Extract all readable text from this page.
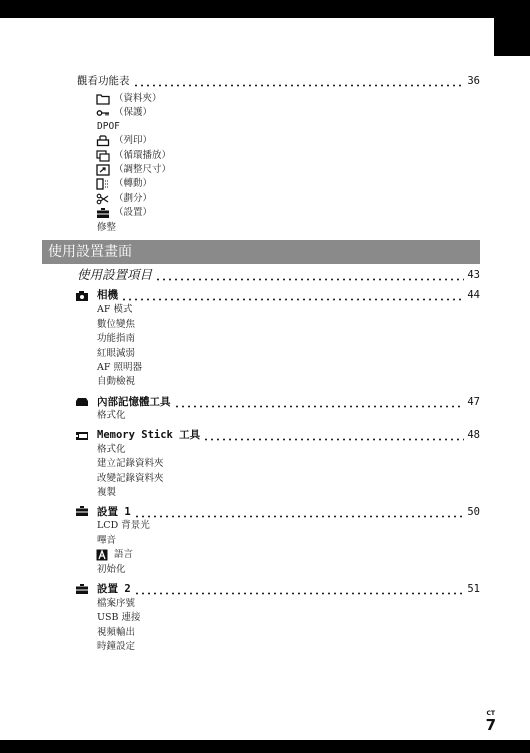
觀看功能表	36
（資料夾）
（保護）
DPOF
（列印）
（循環播放）
（調整尺寸）
（轉動）
（劃分）
（設置）
修整
使用設置畫面
使用設置項目	43
相機	44
AF 模式
數位變焦
功能指南
紅眼減弱
AF 照明器
自動檢視
內部記憶體工具	47
格式化
Memory Stick 工具	48
格式化
建立記錄資料夾
改變記錄資料夾
複製
設置 1	50
LCD 背景光
嗶音
語言
初始化
設置 2	51
檔案序號
USB 連接
視頻輸出
時鐘設定
CT
7
